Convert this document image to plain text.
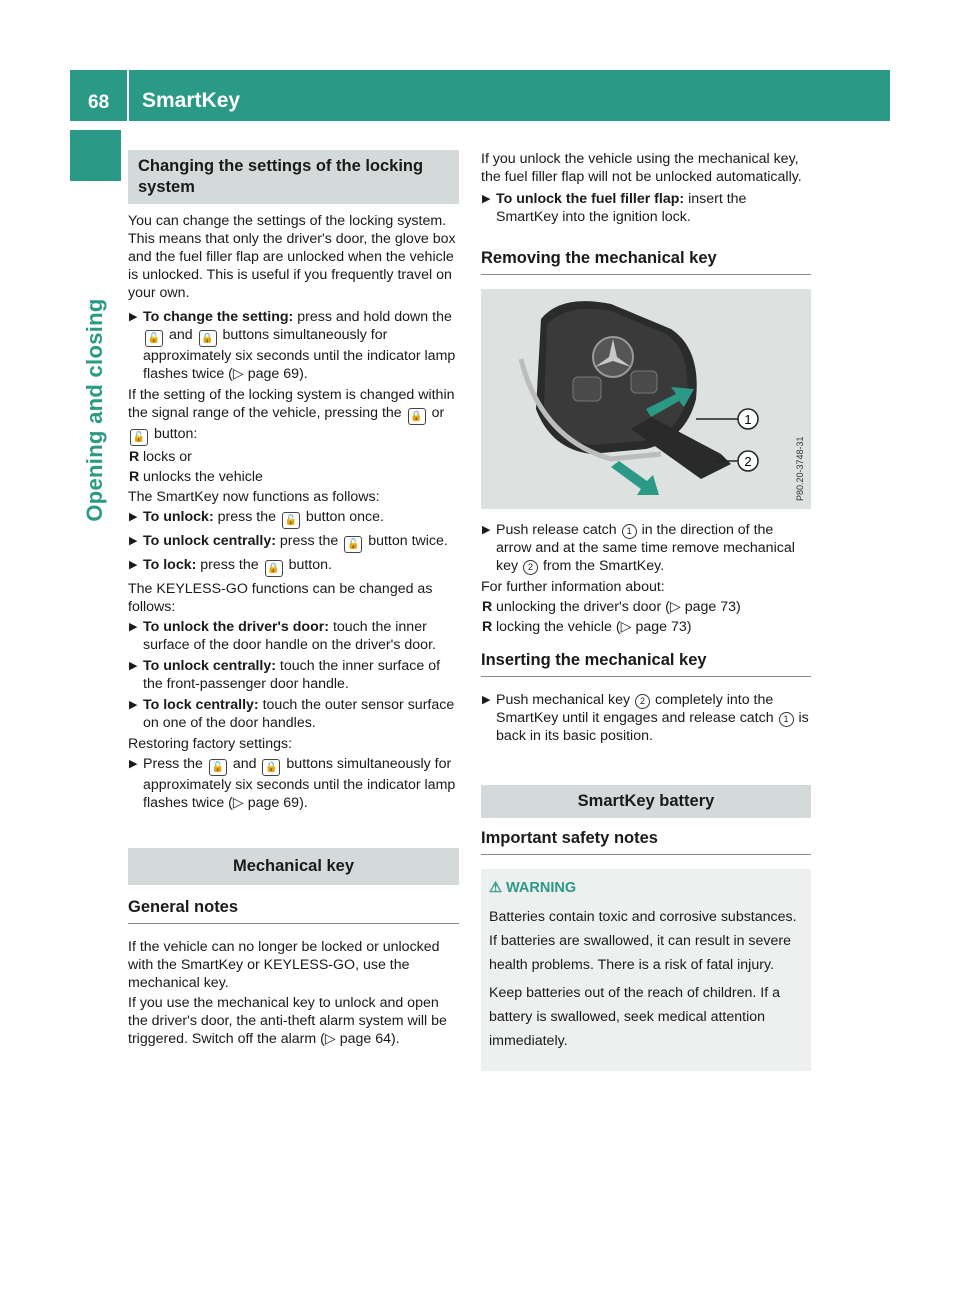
68 SmartKey
Opening and closing
Changing the settings of the locking system

You can change the settings of the locking system. This means that only the driver's door, the glove box and the fuel filler flap are unlocked when the vehicle is unlocked. This is useful if you frequently travel on your own.

▶ To change the setting: press and hold down the 🔓 and 🔒 buttons simultaneously for approximately six seconds until the indicator lamp flashes twice (▷ page 69).

If the setting of the locking system is changed within the signal range of the vehicle, pressing the 🔒 or 🔓 button:

R locks or
R unlocks the vehicle

The SmartKey now functions as follows:

▶ To unlock: press the 🔓 button once.
▶ To unlock centrally: press the 🔓 button twice.
▶ To lock: press the 🔒 button.

The KEYLESS-GO functions can be changed as follows:

▶ To unlock the driver's door: touch the inner surface of the door handle on the driver's door.
▶ To unlock centrally: touch the inner surface of the front-passenger door handle.
▶ To lock centrally: touch the outer sensor surface on one of the door handles.

Restoring factory settings:

▶ Press the 🔓 and 🔒 buttons simultaneously for approximately six seconds until the indicator lamp flashes twice (▷ page 69).
Mechanical key
General notes

If the vehicle can no longer be locked or unlocked with the SmartKey or KEYLESS-GO, use the mechanical key.

If you use the mechanical key to unlock and open the driver's door, the anti-theft alarm system will be triggered. Switch off the alarm (▷ page 64).

If you unlock the vehicle using the mechanical key, the fuel filler flap will not be unlocked automatically.

▶ To unlock the fuel filler flap: insert the SmartKey into the ignition lock.
Removing the mechanical key
1
2	P80.20-3748-31
▶ Push release catch 1 in the direction of the arrow and at the same time remove mechanical key 2 from the SmartKey.

For further information about:

R unlocking the driver's door (▷ page 73)
R locking the vehicle (▷ page 73)
Inserting the mechanical key
▶ Push mechanical key 2 completely into the SmartKey until it engages and release catch 1 is back in its basic position.
SmartKey battery
Important safety notes
⚠ WARNING

Batteries contain toxic and corrosive substances. If batteries are swallowed, it can result in severe health problems. There is a risk of fatal injury.

Keep batteries out of the reach of children. If a battery is swallowed, seek medical attention immediately.
